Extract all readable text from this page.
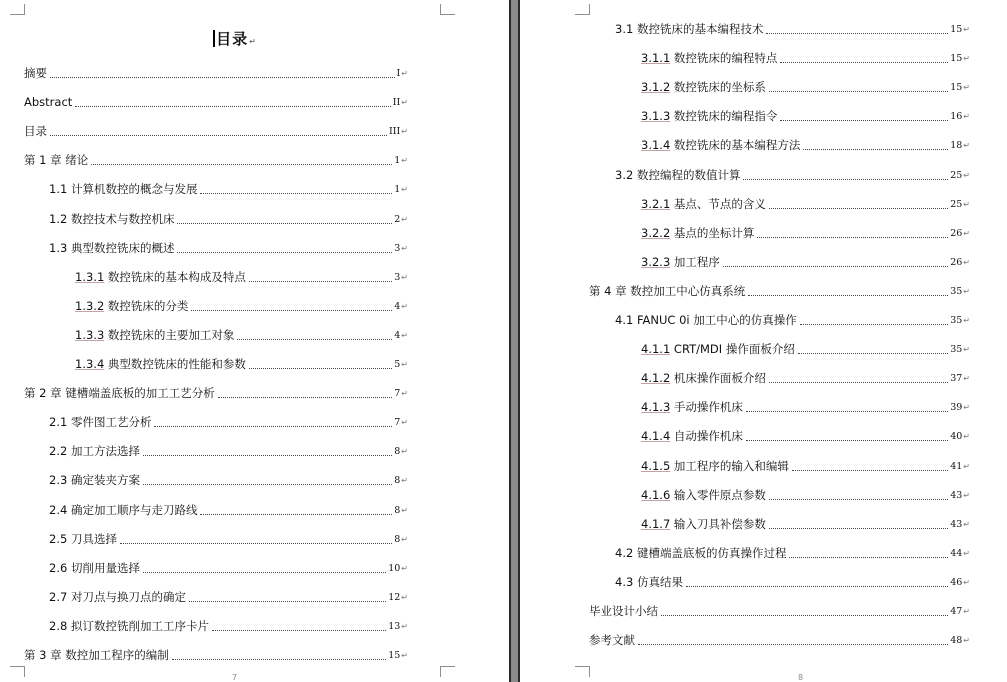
目录↵
摘要	I ↵
Abstract	II ↵
目录	III ↵
第 1 章 绪论	1 ↵
1.1 计算机数控的概念与发展	1 ↵
1.2 数控技术与数控机床	2 ↵
1.3 典型数控铣床的概述	3 ↵
1.3.1 数控铣床的基本构成及特点	3 ↵
1.3.2 数控铣床的分类	4 ↵
1.3.3 数控铣床的主要加工对象	4 ↵
1.3.4 典型数控铣床的性能和参数	5 ↵
第 2 章 键槽端盖底板的加工工艺分析	7 ↵
2.1 零件图工艺分析	7 ↵
2.2 加工方法选择	8 ↵
2.3 确定装夹方案	8 ↵
2.4 确定加工顺序与走刀路线	8 ↵
2.5 刀具选择	8 ↵
2.6 切削用量选择	10 ↵
2.7 对刀点与换刀点的确定	12 ↵
2.8 拟订数控铣削加工工序卡片	13 ↵
第 3 章 数控加工程序的编制	15 ↵
7
3.1 数控铣床的基本编程技术	15 ↵
3.1.1 数控铣床的编程特点	15 ↵
3.1.2 数控铣床的坐标系	15 ↵
3.1.3 数控铣床的编程指令	16 ↵
3.1.4 数控铣床的基本编程方法	18 ↵
3.2 数控编程的数值计算	25 ↵
3.2.1 基点、节点的含义	25 ↵
3.2.2 基点的坐标计算	26 ↵
3.2.3 加工程序	26 ↵
第 4 章 数控加工中心仿真系统	35 ↵
4.1 FANUC 0i 加工中心的仿真操作	35 ↵
4.1.1 CRT/MDI 操作面板介绍	35 ↵
4.1.2 机床操作面板介绍	37 ↵
4.1.3 手动操作机床	39 ↵
4.1.4 自动操作机床	40 ↵
4.1.5 加工程序的输入和编辑	41 ↵
4.1.6 输入零件原点参数	43 ↵
4.1.7 输入刀具补偿参数	43 ↵
4.2 键槽端盖底板的仿真操作过程	44 ↵
4.3 仿真结果	46 ↵
毕业设计小结	47 ↵
参考文献	48 ↵
8
